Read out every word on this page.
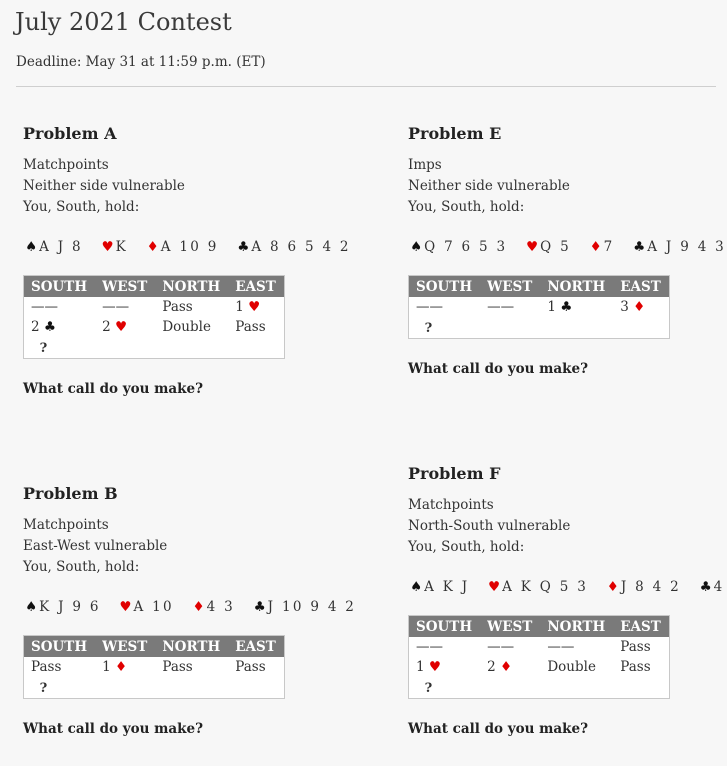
July 2021 Contest
Deadline: May 31 at 11:59 p.m. (ET)
Problem A
Matchpoints
Neither side vulnerable
You, South, hold:
♠ A J 8 ♥ K ♦ A 10 9 ♣ A 8 6 5 4 2
SOUTH	WEST	NORTH	EAST
——	——	Pass	1 ♥
2 ♣	2 ♥	Double	Pass
?			
What call do you make?
Problem E
Imps
Neither side vulnerable
You, South, hold:
♠ Q 7 6 5 3 ♥ Q 5 ♦ 7 ♣ A J 9 4 3
SOUTH	WEST	NORTH	EAST
——	——	1 ♣	3 ♦
?			
What call do you make?
Problem B
Matchpoints
East-West vulnerable
You, South, hold:
♠ K J 9 6 ♥ A 10 ♦ 4 3 ♣ J 10 9 4 2
SOUTH	WEST	NORTH	EAST
Pass	1 ♦	Pass	Pass
?			
What call do you make?
Problem F
Matchpoints
North-South vulnerable
You, South, hold:
♠ A K J ♥ A K Q 5 3 ♦ J 8 4 2 ♣ 4
SOUTH	WEST	NORTH	EAST
——	——	——	Pass
1 ♥	2 ♦	Double	Pass
?			
What call do you make?
